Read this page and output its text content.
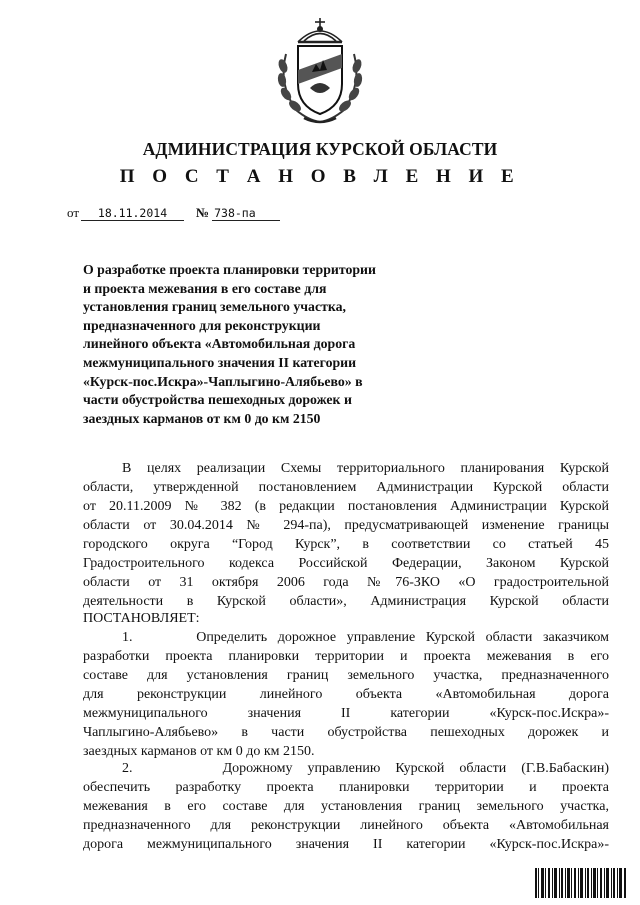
АДМИНИСТРАЦИЯ КУРСКОЙ ОБЛАСТИ
П О С Т А Н О В Л Е Н И Е
от 18.11.2014 № 738-па
О разработке проекта планировки территории
и проекта межевания в его составе для
установления границ земельного участка,
предназначенного для реконструкции
линейного объекта «Автомобильная дорога
межмуниципального значения II категории
«Курск-пос.Искра»-Чаплыгино-Алябьево» в
части обустройства пешеходных дорожек и
заездных карманов от км 0 до км 2150
В целях реализации Схемы территориального планирования Курской
области, утвержденной постановлением Администрации Курской области
от 20.11.2009 № 382 (в редакции постановления Администрации Курской
области от 30.04.2014 № 294-па), предусматривающей изменение границы
городского округа “Город Курск”, в соответствии со статьей 45
Градостроительного кодекса Российской Федерации, Законом Курской
области от 31 октября 2006 года №76-ЗКО «О градостроительной
деятельности в Курской области», Администрация Курской области
ПОСТАНОВЛЯЕТ:
1.      Определить дорожное управление Курской области заказчиком
разработки проекта планировки территории и проекта межевания в его
составе для установления границ земельного участка, предназначенного
для реконструкции линейного объекта «Автомобильная дорога
межмуниципального значения II категории «Курск-пос.Искра»-
Чаплыгино-Алябьево» в части обустройства пешеходных дорожек и
заездных карманов от км 0 до км 2150.
2.      Дорожному управлению Курской области (Г.В.Бабаскин)
обеспечить разработку проекта планировки территории и проекта
межевания в его составе для установления границ земельного участка,
предназначенного для реконструкции линейного объекта «Автомобильная
дорога межмуниципального значения II категории «Курск-пос.Искра»-
